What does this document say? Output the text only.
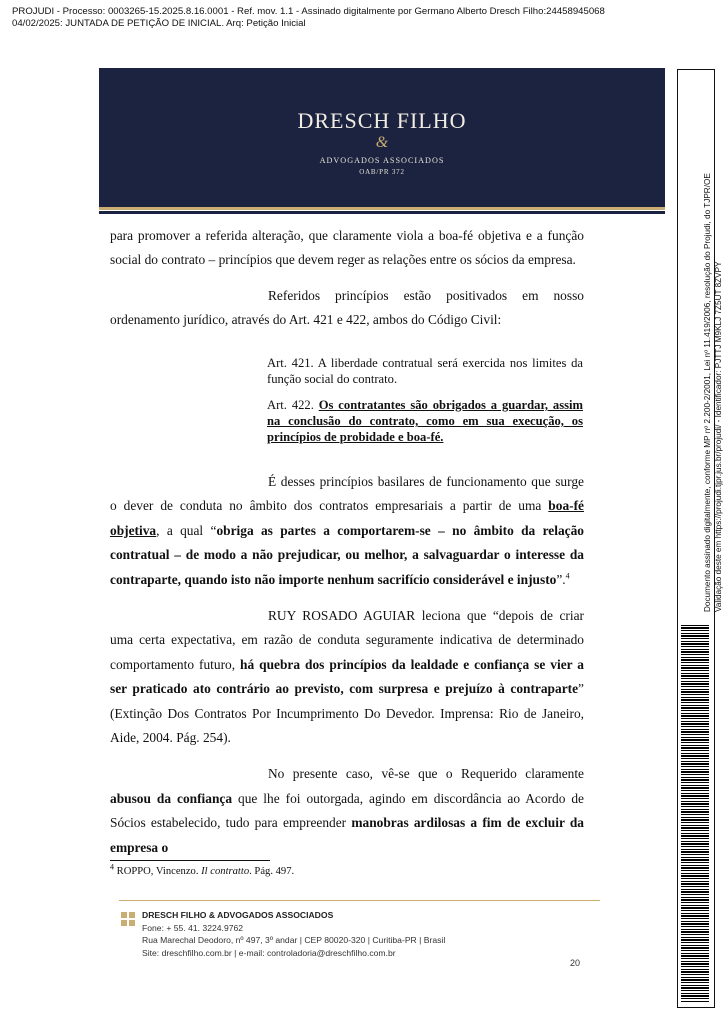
PROJUDI - Processo: 0003265-15.2025.8.16.0001 - Ref. mov. 1.1 - Assinado digitalmente por Germano Alberto Dresch Filho:24458945068
04/02/2025: JUNTADA DE PETIÇÃO DE INICIAL. Arq: Petição Inicial
DRESCH FILHO
&
ADVOGADOS ASSOCIADOS
OAB/PR 372

para promover a referida alteração, que claramente viola a boa-fé objetiva e a função social do contrato – princípios que devem reger as relações entre os sócios da empresa.

Referidos princípios estão positivados em nosso ordenamento jurídico, através do Art. 421 e 422, ambos do Código Civil:

Art. 421. A liberdade contratual será exercida nos limites da função social do contrato.
Art. 422. Os contratantes são obrigados a guardar, assim na conclusão do contrato, como em sua execução, os princípios de probidade e boa-fé.

É desses princípios basilares de funcionamento que surge o dever de conduta no âmbito dos contratos empresariais a partir de uma boa-fé objetiva, a qual “obriga as partes a comportarem-se – no âmbito da relação contratual – de modo a não prejudicar, ou melhor, a salvaguardar o interesse da contraparte, quando isto não importe nenhum sacrifício considerável e injusto”.$^4$

RUY ROSADO AGUIAR leciona que “depois de criar uma certa expectativa, em razão de conduta seguramente indicativa de determinado comportamento futuro, há quebra dos princípios da lealdade e confiança se vier a ser praticado ato contrário ao previsto, com surpresa e prejuízo à contraparte” (Extinção Dos Contratos Por Incumprimento Do Devedor. Imprensa: Rio de Janeiro, Aide, 2004. Pág. 254).

No presente caso, vê-se que o Requerido claramente abusou da confiança que lhe foi outorgada, agindo em discordância ao Acordo de Sócios estabelecido, tudo para empreender manobras ardilosas a fim de excluir da empresa o

$^4$ ROPPO, Vincenzo. Il contratto. Pág. 497.
DRESCH FILHO & ADVOGADOS ASSOCIADOS
Fone: + 55. 41. 3224.9762
Rua Marechal Deodoro, nº 497, 3º andar | CEP 80020-320 | Curitiba-PR | Brasil
Site: dreschfilho.com.br | e-mail: controladoria@dreschfilho.com.br
20
Documento assinado digitalmente, conforme MP nº 2.200-2/2001, Lei nº 11.419/2006, resolução do Projudi, do TJPR/OE Validação deste em https://projudi.tjpr.jus.br/projudi/ - Identificador: PJTTJ M9KLJ 7Z5UT 8ZVPY
